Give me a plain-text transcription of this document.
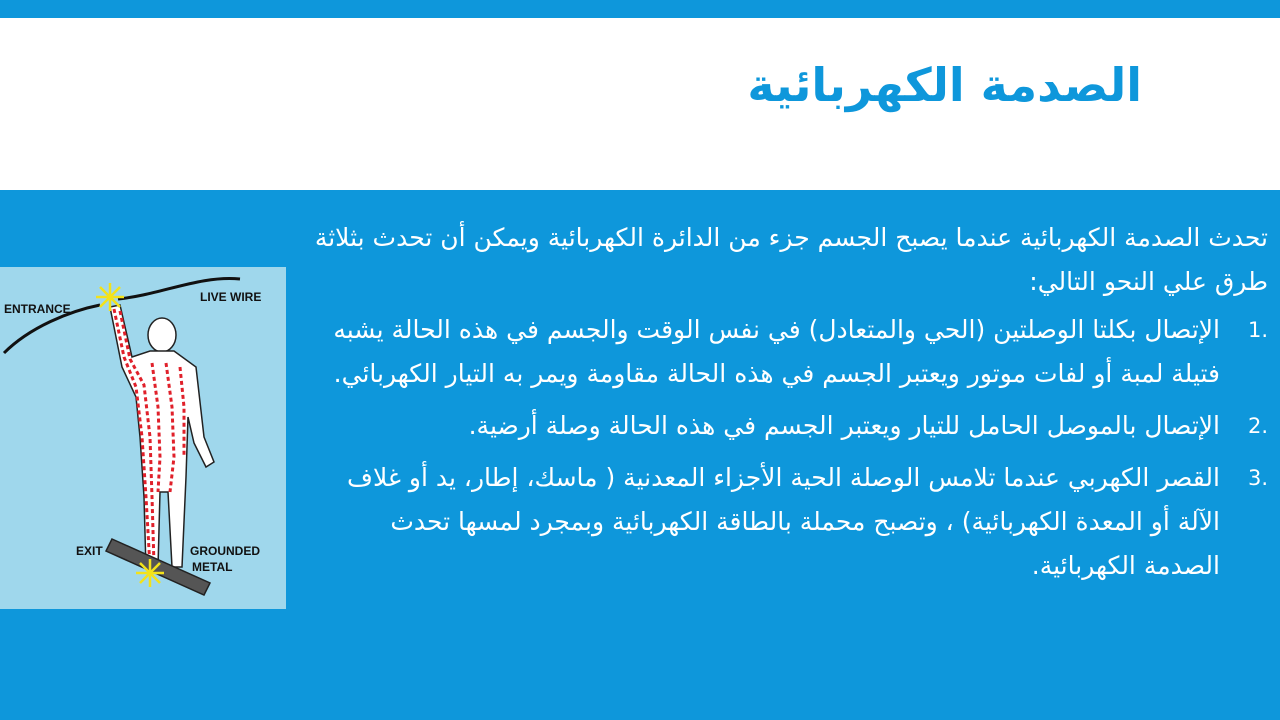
الصدمة الكهربائية

تحدث الصدمة الكهربائية عندما يصبح الجسم جزء من الدائرة الكهربائية ويمكن أن تحدث بثلاثة طرق علي النحو التالي:

1.
الإتصال بكلتا الوصلتين (الحي والمتعادل) في نفس الوقت والجسم في هذه الحالة يشبه فتيلة لمبة أو لفات موتور ويعتبر الجسم في هذه الحالة مقاومة ويمر به التيار الكهربائي.
2.
الإتصال بالموصل الحامل للتيار ويعتبر الجسم في هذه الحالة وصلة أرضية.
3.
القصر الكهربي عندما تلامس الوصلة الحية الأجزاء المعدنية ( ماسك، إطار، يد أو غلاف الآلة أو المعدة الكهربائية) ، وتصبح محملة بالطاقة الكهربائية وبمجرد لمسها تحدث الصدمة الكهربائية.
ENTRANCE
LIVE WIRE
EXIT	GROUNDED
METAL
